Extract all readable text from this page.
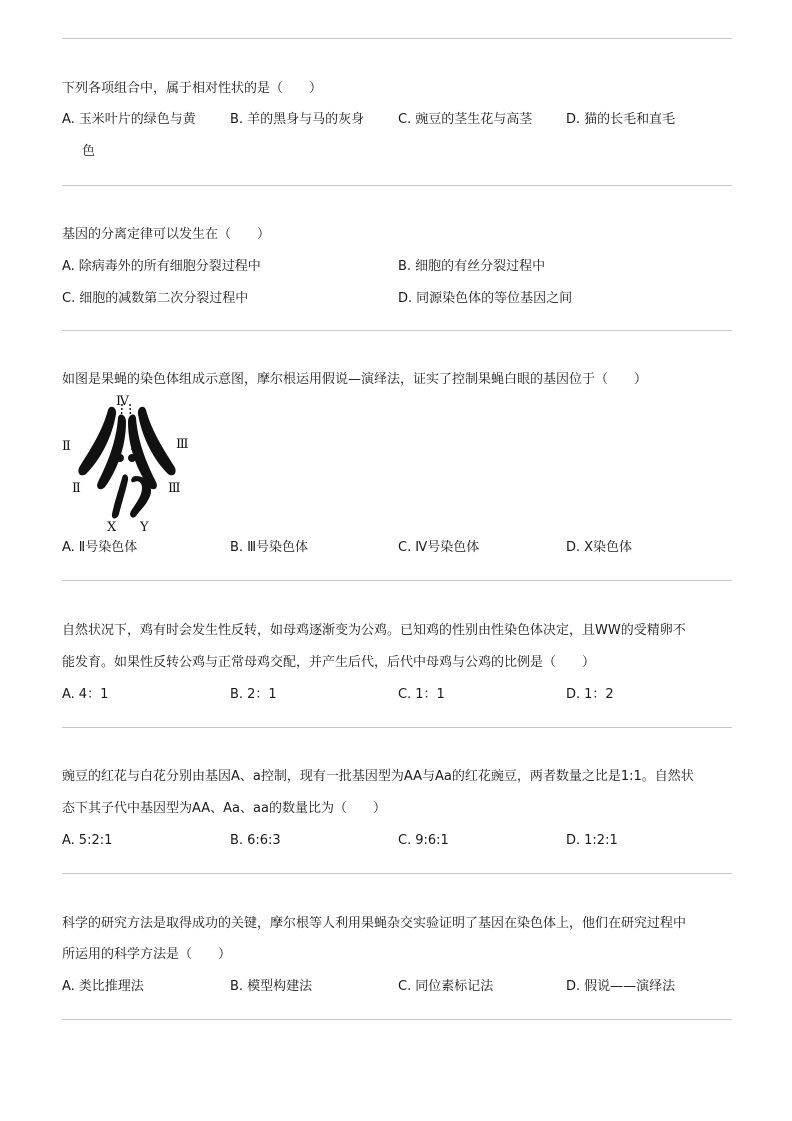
下列各项组合中，属于相对性状的是（　　）
A. 玉米叶片的绿色与黄	B. 羊的黑身与马的灰身	C. 豌豆的茎生花与高茎	D. 猫的长毛和直毛
色
基因的分离定律可以发生在（　　）
A. 除病毒外的所有细胞分裂过程中	B. 细胞的有丝分裂过程中
C. 细胞的减数第二次分裂过程中	D. 同源染色体的等位基因之间
如图是果蝇的染色体组成示意图，摩尔根运用假说—演绎法，证实了控制果蝇白眼的基因位于（　　）
Ⅳ
Ⅱ	Ⅲ
Ⅱ	Ⅲ
X Y
A. Ⅱ号染色体	B. Ⅲ号染色体	C. Ⅳ号染色体	D. X染色体
自然状况下，鸡有时会发生性反转，如母鸡逐渐变为公鸡。已知鸡的性别由性染色体决定，且WW的受精卵不
能发育。如果性反转公鸡与正常母鸡交配，并产生后代，后代中母鸡与公鸡的比例是（　　）
A. 4：1	B. 2：1	C. 1：1	D. 1：2
豌豆的红花与白花分别由基因A、a控制，现有一批基因型为AA与Aa的红花豌豆，两者数量之比是1:1。自然状
态下其子代中基因型为AA、Aa、aa的数量比为（　　）
A. 5:2:1	B. 6:6:3	C. 9:6:1	D. 1:2:1
科学的研究方法是取得成功的关键，摩尔根等人利用果蝇杂交实验证明了基因在染色体上，他们在研究过程中
所运用的科学方法是（　　）
A. 类比推理法	B. 模型构建法	C. 同位素标记法	D. 假说——演绎法
